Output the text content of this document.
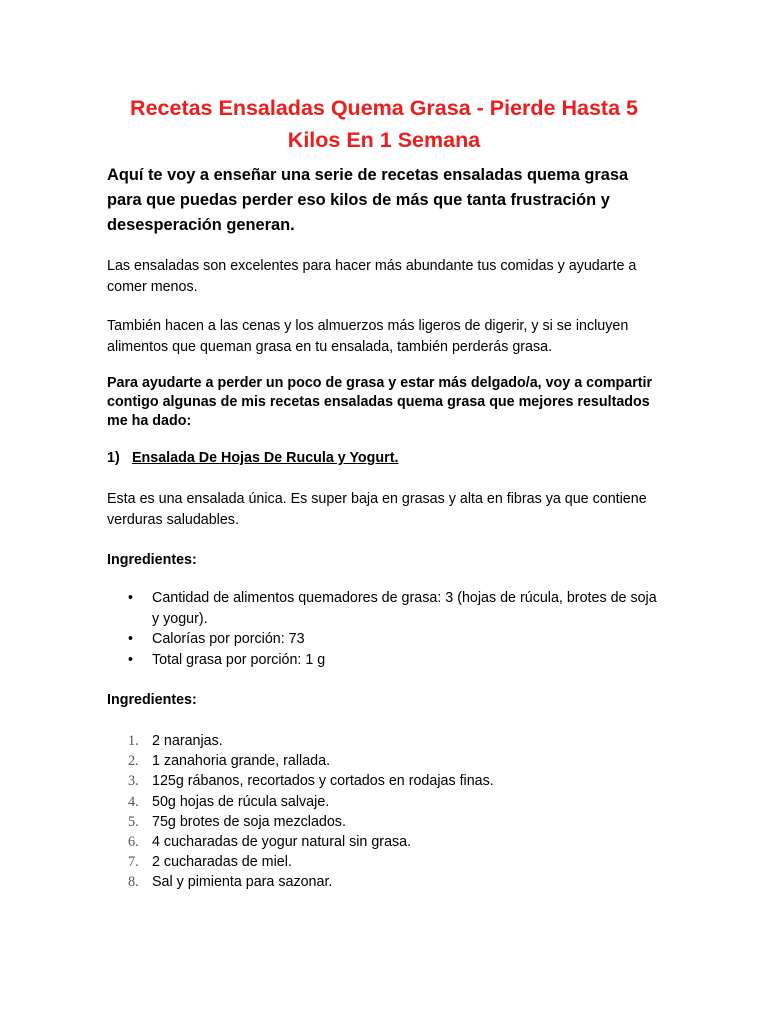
Recetas Ensaladas Quema Grasa - Pierde Hasta 5
Kilos En 1 Semana
Aquí te voy a enseñar una serie de recetas ensaladas quema grasa para que puedas perder eso kilos de más que tanta frustración y desesperación generan.
Las ensaladas son excelentes para hacer más abundante tus comidas y ayudarte a comer menos.
También hacen a las cenas y los almuerzos más ligeros de digerir, y si se incluyen alimentos que queman grasa en tu ensalada, también perderás grasa.
Para ayudarte a perder un poco de grasa y estar más delgado/a, voy a compartir contigo algunas de mis recetas ensaladas quema grasa que mejores resultados me ha dado:
1) Ensalada De Hojas De Rucula y Yogurt.
Esta es una ensalada única. Es super baja en grasas y alta en fibras ya que contiene verduras saludables.
Ingredientes:
• Cantidad de alimentos quemadores de grasa: 3 (hojas de rúcula, brotes de soja y yogur).
• Calorías por porción: 73
• Total grasa por porción: 1 g
Ingredientes:
1. 2 naranjas.
2. 1 zanahoria grande, rallada.
3. 125g rábanos, recortados y cortados en rodajas finas.
4. 50g hojas de rúcula salvaje.
5. 75g brotes de soja mezclados.
6. 4 cucharadas de yogur natural sin grasa.
7. 2 cucharadas de miel.
8. Sal y pimienta para sazonar.
